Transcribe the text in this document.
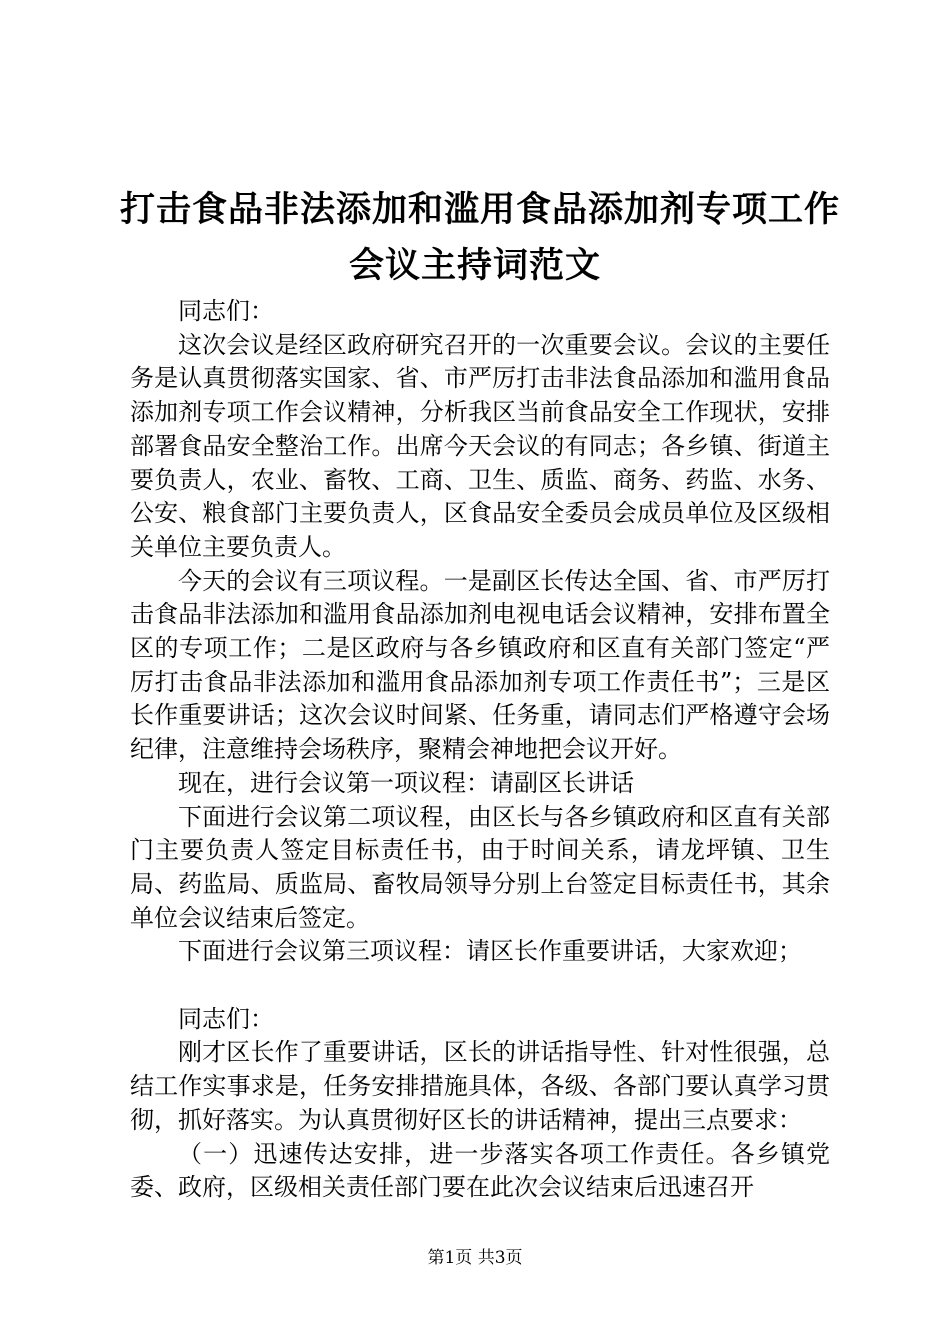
打击食品非法添加和滥用食品添加剂专项工作
会议主持词范文

同志们：

这次会议是经区政府研究召开的一次重要会议。会议的主要任务是认真贯彻落实国家、省、市严厉打击非法食品添加和滥用食品添加剂专项工作会议精神，分析我区当前食品安全工作现状，安排部署食品安全整治工作。出席今天会议的有同志；各乡镇、街道主要负责人，农业、畜牧、工商、卫生、质监、商务、药监、水务、公安、粮食部门主要负责人，区食品安全委员会成员单位及区级相关单位主要负责人。

今天的会议有三项议程。一是副区长传达全国、省、市严厉打击食品非法添加和滥用食品添加剂电视电话会议精神，安排布置全区的专项工作；二是区政府与各乡镇政府和区直有关部门签定“严厉打击食品非法添加和滥用食品添加剂专项工作责任书”；三是区长作重要讲话；这次会议时间紧、任务重，请同志们严格遵守会场纪律，注意维持会场秩序，聚精会神地把会议开好。

现在，进行会议第一项议程：请副区长讲话

下面进行会议第二项议程，由区长与各乡镇政府和区直有关部门主要负责人签定目标责任书，由于时间关系，请龙坪镇、卫生局、药监局、质监局、畜牧局领导分别上台签定目标责任书，其余单位会议结束后签定。

下面进行会议第三项议程：请区长作重要讲话，大家欢迎；

同志们：

刚才区长作了重要讲话，区长的讲话指导性、针对性很强，总结工作实事求是，任务安排措施具体，各级、各部门要认真学习贯彻，抓好落实。为认真贯彻好区长的讲话精神，提出三点要求：

（一）迅速传达安排，进一步落实各项工作责任。各乡镇党委、政府，区级相关责任部门要在此次会议结束后迅速召开

第1页 共3页
